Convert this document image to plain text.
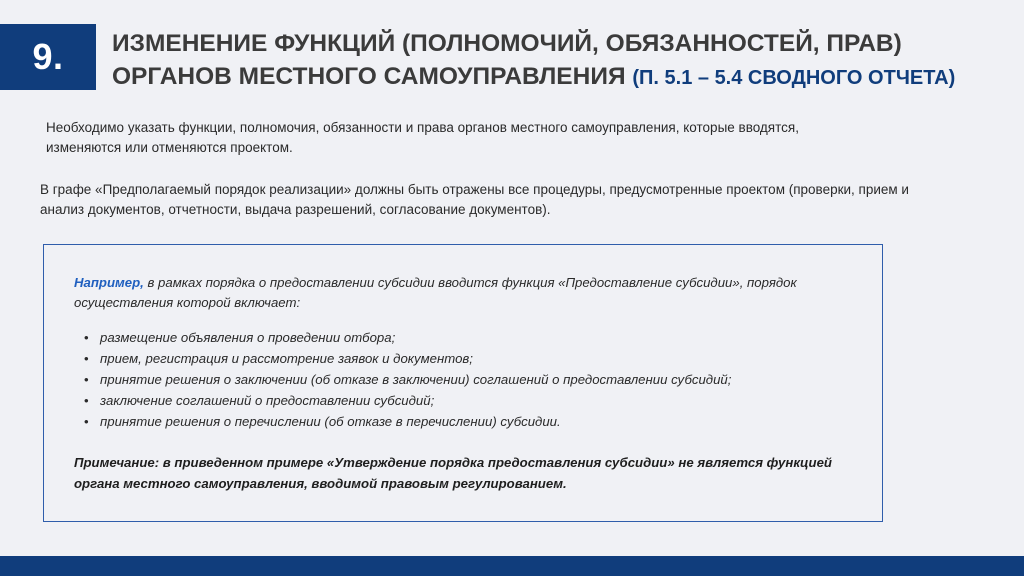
9. ИЗМЕНЕНИЕ ФУНКЦИЙ (ПОЛНОМОЧИЙ, ОБЯЗАННОСТЕЙ, ПРАВ) ОРГАНОВ МЕСТНОГО САМОУПРАВЛЕНИЯ (П. 5.1 – 5.4 СВОДНОГО ОТЧЕТА)
Необходимо указать функции, полномочия, обязанности и права органов местного самоуправления, которые вводятся, изменяются или отменяются проектом.
В графе «Предполагаемый порядок реализации» должны быть отражены все процедуры, предусмотренные проектом (проверки, прием и анализ документов, отчетности, выдача разрешений, согласование документов).
Например, в рамках порядка о предоставлении субсидии вводится функция «Предоставление субсидии», порядок осуществления которой включает:
• размещение объявления о проведении отбора;
• прием, регистрация и рассмотрение заявок и документов;
• принятие решения о заключении (об отказе в заключении) соглашений о предоставлении субсидий;
• заключение соглашений о предоставлении субсидий;
• принятие решения о перечислении (об отказе в перечислении) субсидии.
Примечание: в приведенном примере «Утверждение порядка предоставления субсидии» не является функцией органа местного самоуправления, вводимой правовым регулированием.
